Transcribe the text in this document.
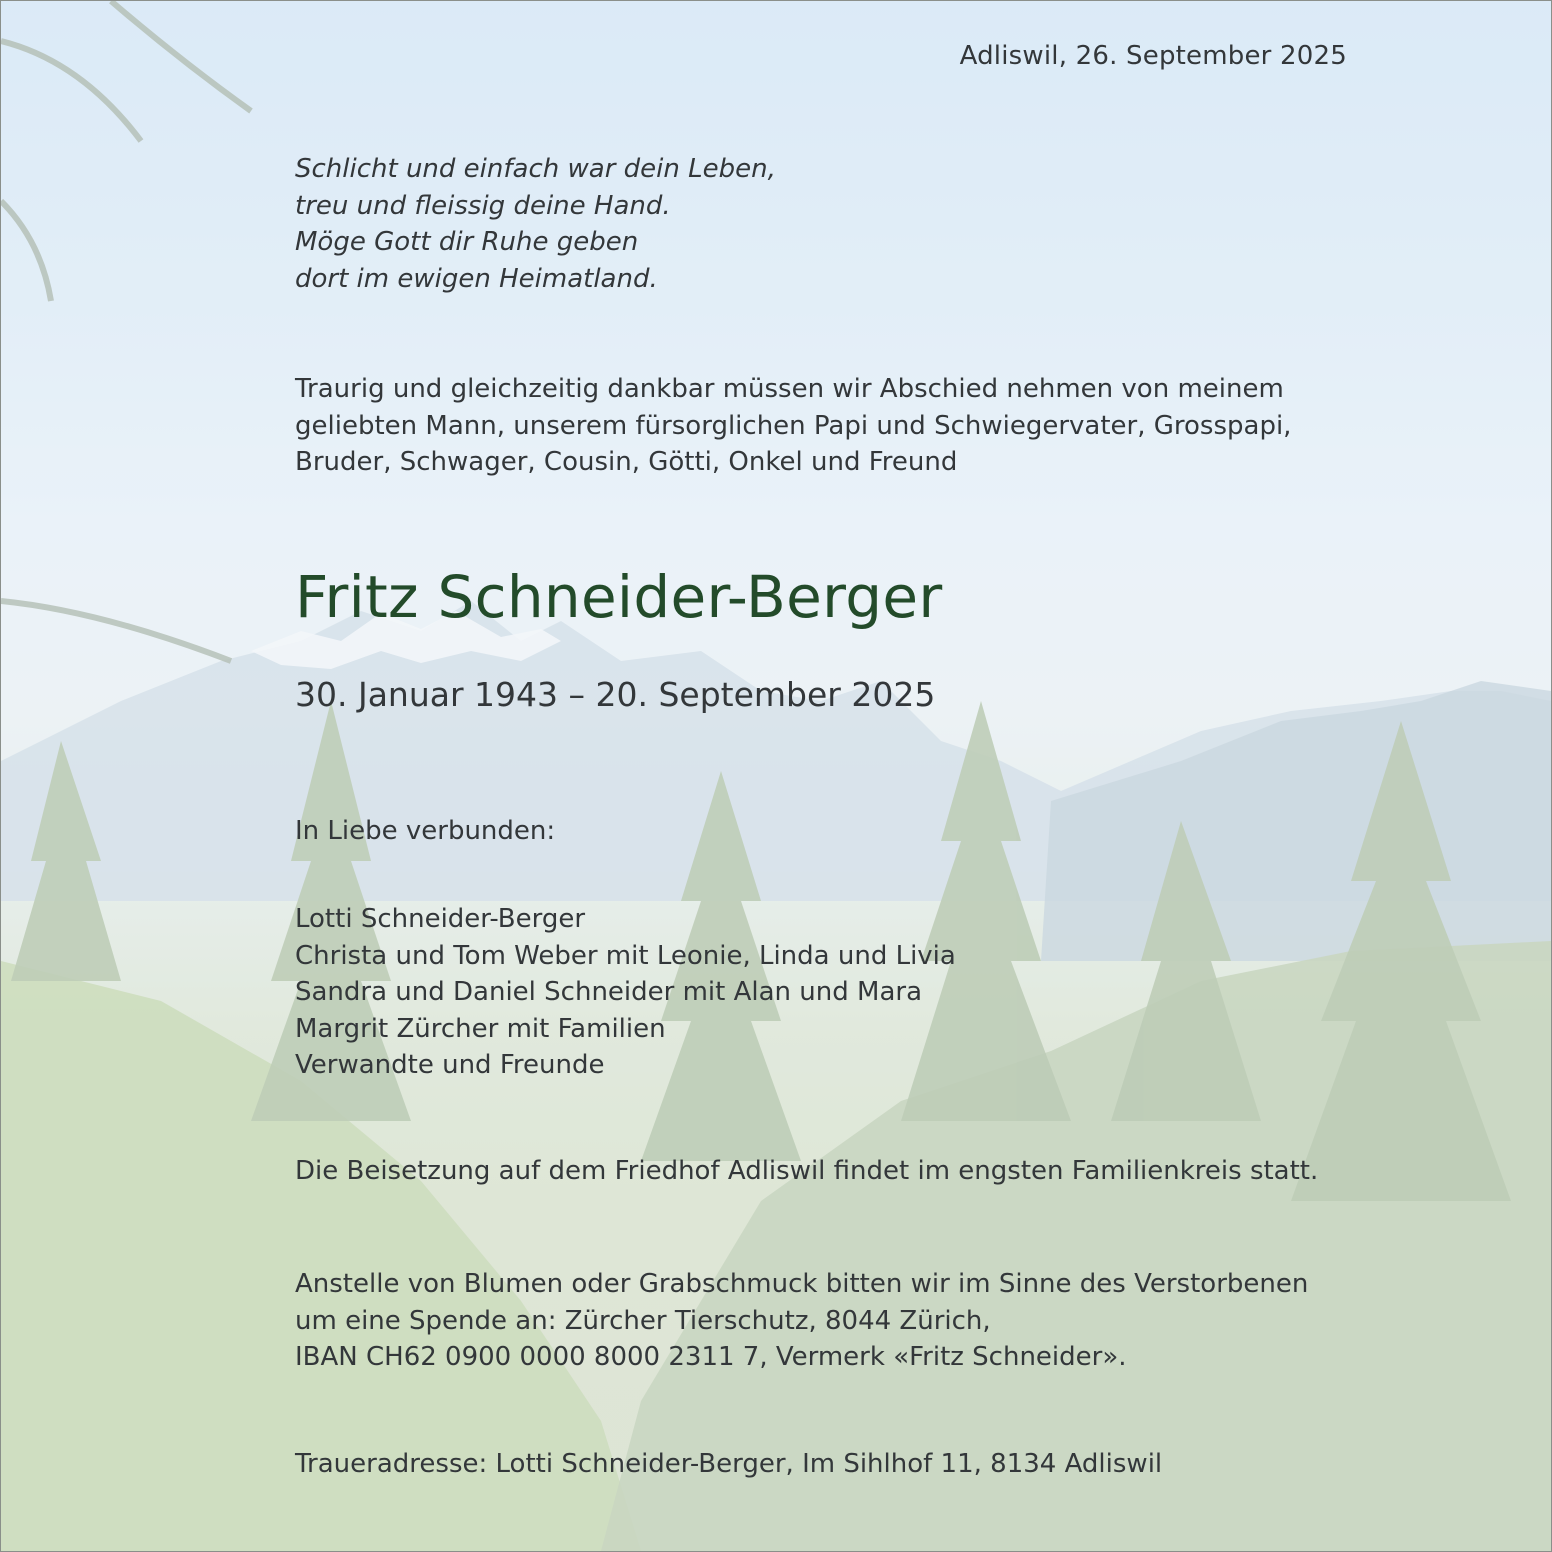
Adliswil, 26. September 2025

Schlicht und einfach war dein Leben,
treu und fleissig deine Hand.
Möge Gott dir Ruhe geben
dort im ewigen Heimatland.

Traurig und gleichzeitig dankbar müssen wir Abschied nehmen von meinem
geliebten Mann, unserem fürsorglichen Papi und Schwiegervater, Grosspapi,
Bruder, Schwager, Cousin, Götti, Onkel und Freund

Fritz Schneider-Berger

30. Januar 1943 – 20. September 2025

In Liebe verbunden:

Lotti Schneider-Berger
Christa und Tom Weber mit Leonie, Linda und Livia
Sandra und Daniel Schneider mit Alan und Mara
Margrit Zürcher mit Familien
Verwandte und Freunde

Die Beisetzung auf dem Friedhof Adliswil findet im engsten Familienkreis statt.

Anstelle von Blumen oder Grabschmuck bitten wir im Sinne des Verstorbenen
um eine Spende an: Zürcher Tierschutz, 8044 Zürich,
IBAN CH62 0900 0000 8000 2311 7, Vermerk «Fritz Schneider».

Traueradresse: Lotti Schneider-Berger, Im Sihlhof 11, 8134 Adliswil
